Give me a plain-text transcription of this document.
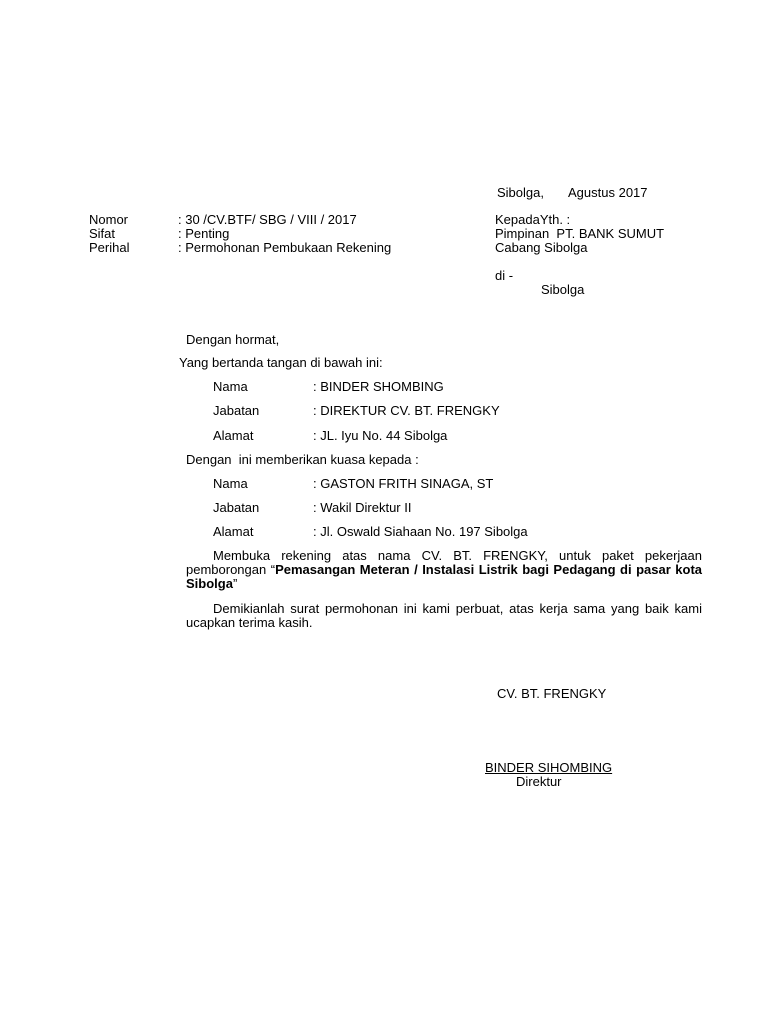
Sibolga, Agustus 2017
Nomor	: 30 /CV.BTF/ SBG / VIII / 2017
Sifat	: Penting
Perihal	: Permohonan Pembukaan Rekening
KepadaYth. :
Pimpinan  PT. BANK SUMUT
Cabang Sibolga
di -
Sibolga
Dengan hormat,
Yang bertanda tangan di bawah ini:
Nama	: BINDER SHOMBING
Jabatan	: DIREKTUR CV. BT. FRENGKY
Alamat	: JL. Iyu No. 44 Sibolga
Dengan  ini memberikan kuasa kepada :
Nama	: GASTON FRITH SINAGA, ST
Jabatan	: Wakil Direktur II
Alamat	: Jl. Oswald Siahaan No. 197 Sibolga
Membuka rekening atas nama CV. BT. FRENGKY, untuk paket pekerjaan pemborongan “Pemasangan Meteran / Instalasi Listrik bagi Pedagang di pasar kota Sibolga”
Demikianlah surat permohonan ini kami perbuat, atas kerja sama yang baik kami ucapkan terima kasih.
CV. BT. FRENGKY
BINDER SIHOMBING
Direktur
